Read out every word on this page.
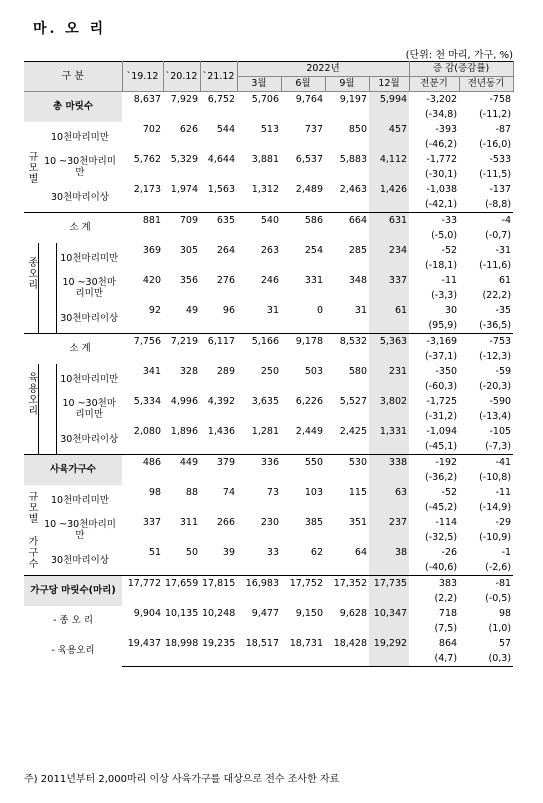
마. 오 리
(단위: 천 마리, 가구, %)
구 분			`19.12	`20.12	`21.12	2022년				증 감(증감률)	
						3월	6월	9월	12월	전분기	전년동기
총 마릿수			8,637	7,929	6,752	5,706	9,764	9,197	5,994	-3,202	-758
										(-34,8)	(-11,2)
규모별	10천마리미만		702	626	544	513	737	850	457	-393	-87
										(-46,2)	(-16,0)
	10 ~30천마리미만		5,762	5,329	4,644	3,881	6,537	5,883	4,112	-1,772	-533
										(-30,1)	(-11,5)
	30천마리이상		2,173	1,974	1,563	1,312	2,489	2,463	1,426	-1,038	-137
										(-42,1)	(-8,8)
종오리	소 계		881	709	635	540	586	664	631	-33	-4
										(-5,0)	(-0,7)
		10천마리미만	369	305	264	263	254	285	234	-52	-31
										(-18,1)	(-11,6)
		10 ~30천마리미만	420	356	276	246	331	348	337	-11	61
										(-3,3)	(22,2)
		30천마리이상	92	49	96	31	0	31	61	30	-35
										(95,9)	(-36,5)
육용오리	소 계		7,756	7,219	6,117	5,166	9,178	8,532	5,363	-3,169	-753
										(-37,1)	(-12,3)
		10천마리미만	341	328	289	250	503	580	231	-350	-59
										(-60,3)	(-20,3)
		10 ~30천마리미만	5,334	4,996	4,392	3,635	6,226	5,527	3,802	-1,725	-590
										(-31,2)	(-13,4)
		30천마리이상	2,080	1,896	1,436	1,281	2,449	2,425	1,331	-1,094	-105
										(-45,1)	(-7,3)
사육가구수			486	449	379	336	550	530	338	-192	-41
										(-36,2)	(-10,8)
규모별 가구수	10천마리미만		98	88	74	73	103	115	63	-52	-11
										(-45,2)	(-14,9)
	10 ~30천마리미만		337	311	266	230	385	351	237	-114	-29
										(-32,5)	(-10,9)
	30천마리이상		51	50	39	33	62	64	38	-26	-1
										(-40,6)	(-2,6)
가구당 마릿수(마리)			17,772	17,659	17,815	16,983	17,752	17,352	17,735	383	-81
										(2,2)	(-0,5)
- 종 오 리			9,904	10,135	10,248	9,477	9,150	9,628	10,347	718	98
										(7,5)	(1,0)
- 육용오리			19,437	18,998	19,235	18,517	18,731	18,428	19,292	864	57
										(4,7)	(0,3)
주) 2011년부터 2,000마리 이상 사육가구를 대상으로 전수 조사한 자료
